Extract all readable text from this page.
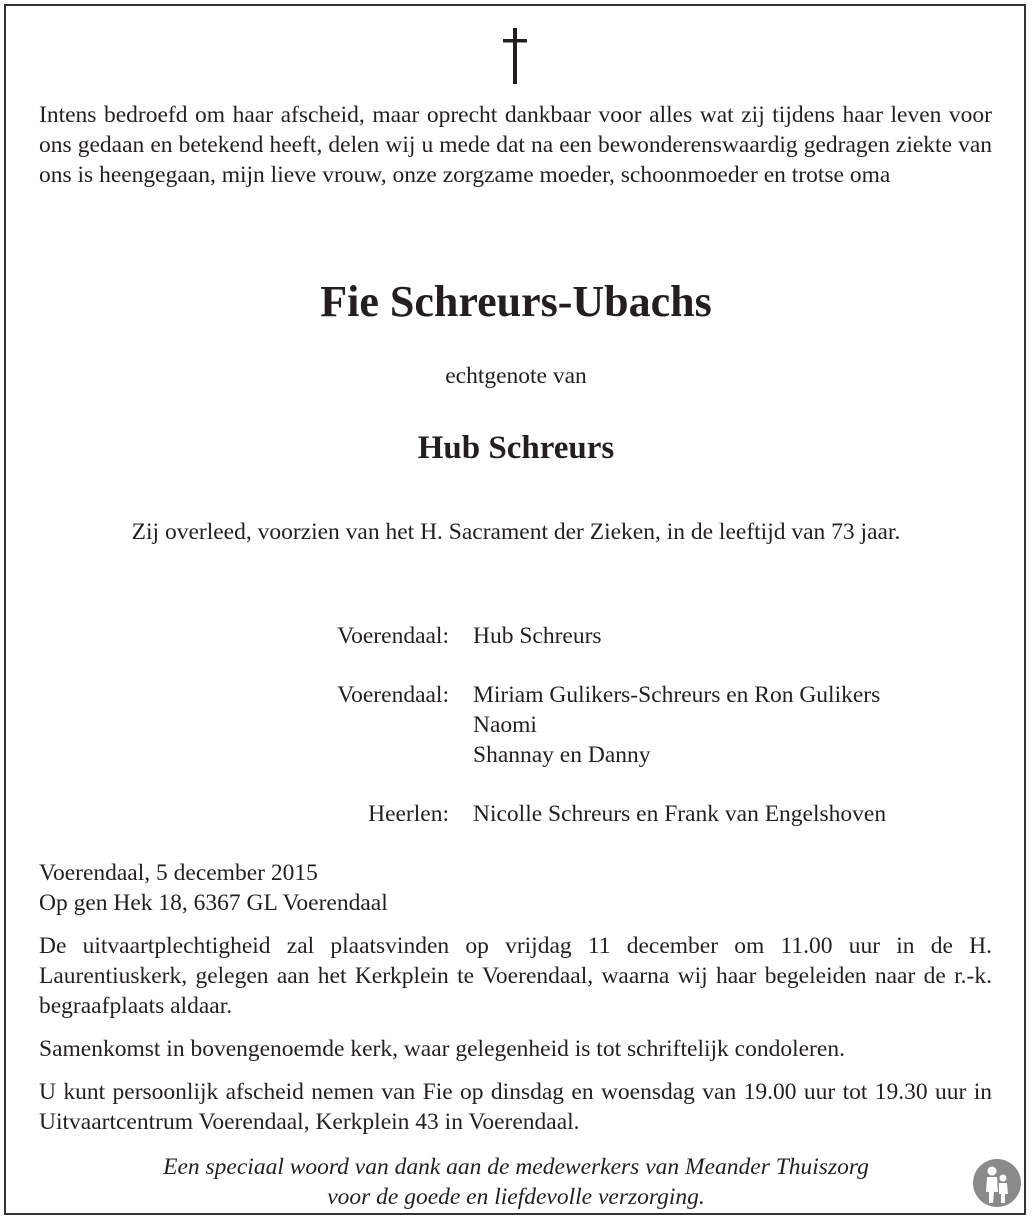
Intens bedroefd om haar afscheid, maar oprecht dankbaar voor alles wat zij tijdens haar leven voor ons gedaan en betekend heeft, delen wij u mede dat na een bewonderenswaardig gedragen ziekte van ons is heengegaan, mijn lieve vrouw, onze zorgzame moeder, schoonmoeder en trotse oma

Fie Schreurs-Ubachs

echtgenote van

Hub Schreurs

Zij overleed, voorzien van het H. Sacrament der Zieken, in de leeftijd van 73 jaar.

Voerendaal: Hub Schreurs
Voerendaal: Miriam Gulikers-Schreurs en Ron Gulikers
Naomi
Shannay en Danny
Heerlen: Nicolle Schreurs en Frank van Engelshoven

Voerendaal, 5 december 2015

Op gen Hek 18, 6367 GL Voerendaal

De uitvaartplechtigheid zal plaatsvinden op vrijdag 11 december om 11.00 uur in de H. Laurentiuskerk, gelegen aan het Kerkplein te Voerendaal, waarna wij haar begeleiden naar de r.-k. begraafplaats aldaar.

Samenkomst in bovengenoemde kerk, waar gelegenheid is tot schriftelijk condoleren.

U kunt persoonlijk afscheid nemen van Fie op dinsdag en woensdag van 19.00 uur tot 19.30 uur in Uitvaartcentrum Voerendaal, Kerkplein 43 in Voerendaal.

Een speciaal woord van dank aan de medewerkers van Meander Thuiszorg
voor de goede en liefdevolle verzorging.
